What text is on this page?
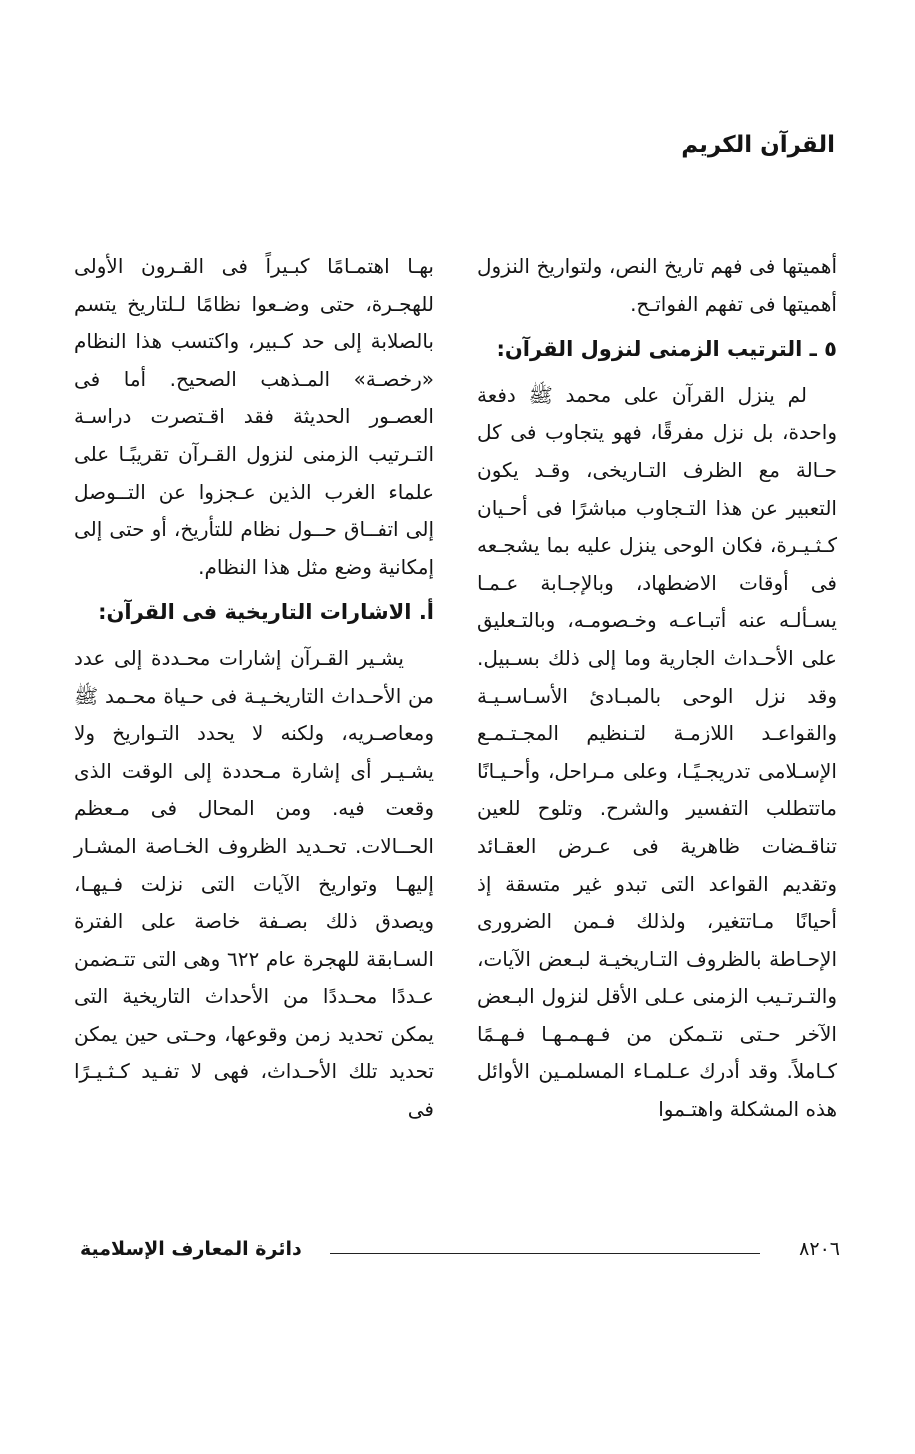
القرآن الكريم

أهميتها فى فهم تاريخ النص، ولتواريخ النزول أهميتها فى تفهم الفواتـح.

٥ ـ الترتيب الزمنى لنزول القرآن:

لم ينزل القرآن على محمد ﷺ دفعة واحدة، بل نزل مفرقًا، فهو يتجاوب فى كل حـالة مع الظرف التـاريخى، وقـد يكون التعبير عن هذا التـجاوب مباشرًا فى أحـيان كـثـيـرة، فكان الوحى ينزل عليه بما يشجـعه فى أوقات الاضطهاد، وبالإجـابة عـمـا يسـألـه عنه أتبـاعـه وخـصومـه، وبالتـعليق على الأحـداث الجارية وما إلى ذلك بسـبيل. وقد نزل الوحى بالمبـادئ الأسـاسـيـة والقواعـد اللازمـة لتـنظيم المجـتـمـع الإسـلامى تدريجـيًـا، وعلى مـراحل، وأحـيـانًا ماتتطلب التفسير والشرح. وتلوح للعين تناقـضات ظاهرية فى عـرض العقـائد وتقديم القواعد التى تبدو غير متسقة إذ أحيانًا مـاتتغير، ولذلك فـمن الضرورى الإحـاطة بالظروف التـاريخيـة لبـعض الآيات، والتـرتـيب الزمنى عـلى الأقل لنزول البـعض الآخر حـتى نتـمكن من فـهـمـهـا فـهـمًا كـاملاً. وقد أدرك عـلمـاء المسلمـين الأوائل هذه المشكلة واهتـموا

بهـا اهتمـامًا كبـيراً فى القـرون الأولى للهجـرة، حتى وضـعوا نظامًا لـلتاريخ يتسم بالصلابة إلى حد كـبير، واكتسب هذا النظام «رخصـة» المـذهب الصحيح. أما فى العصـور الحديثة فقد اقـتصرت دراسـة التـرتيب الزمنى لنزول القـرآن تقريبًـا على علماء الغرب الذين عـجزوا عن التــوصل إلى اتفــاق حــول نظام للتأريخ، أو حتى إلى إمكانية وضع مثل هذا النظام.

أ. الاشارات التاريخية فى القرآن:

يشـير القـرآن إشارات محـددة إلى عدد من الأحـداث التاريخـيـة فى حـياة محـمد ﷺ ومعاصـريه، ولكنه لا يحدد التـواريخ ولا يشـيـر أى إشارة مـحددة إلى الوقت الذى وقعت فيه. ومن المحال فى مـعظم الحــالات. تحـديد الظروف الخـاصة المشـار إليهـا وتواريخ الآيات التى نزلت فـيهـا، ويصدق ذلك بصـفة خاصة على الفترة السـابقة للهجرة عام ٦٢٢ وهى التى تتـضمن عـددًا محـددًا من الأحداث التاريخية التى يمكن تحديد زمن وقوعها، وحـتى حين يمكن تحديد تلك الأحـداث، فهى لا تفـيد كـثـيـرًا فى

٨٢٠٦
دائرة المعارف الإسلامية
